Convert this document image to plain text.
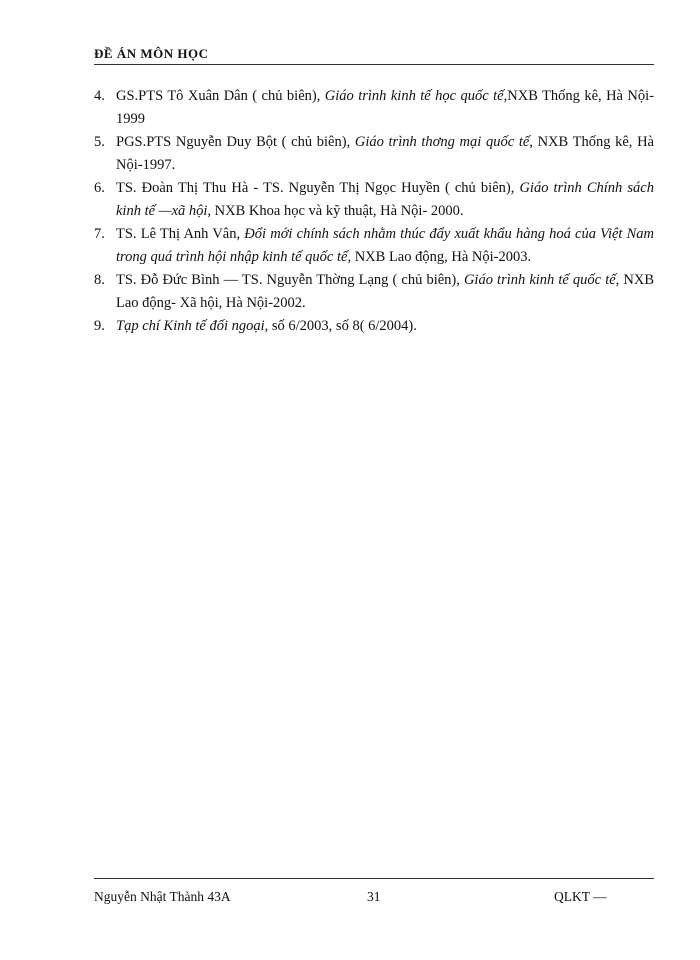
ĐỀ ÁN MÔN HỌC
4. GS.PTS Tô Xuân Dân ( chủ biên), Giáo trình kinh tế học quốc tế,NXB Thống kê, Hà Nội-1999
5. PGS.PTS Nguyễn Duy Bột ( chủ biên), Giáo trình thơng mại quốc tế, NXB Thống kê, Hà Nội-1997.
6. TS. Đoàn Thị Thu Hà - TS. Nguyễn Thị Ngọc Huyền ( chủ biên), Giáo trình Chính sách kinh tế —xã hội, NXB Khoa học và kỹ thuật, Hà Nội- 2000.
7. TS. Lê Thị Anh Vân, Đổi mới chính sách nhằm thúc đẩy xuất khẩu hàng hoá của Việt Nam trong quá trình hội nhập kinh tế quốc tế, NXB Lao động, Hà Nội-2003.
8. TS. Đỗ Đức Bình — TS. Nguyễn Thờng Lạng ( chủ biên), Giáo trình kinh tế quốc tế, NXB Lao động- Xã hội, Hà Nội-2002.
9. Tạp chí Kinh tế đối ngoại, số 6/2003, số 8( 6/2004).
Nguyễn Nhật Thành 43A	31	QLKT —
